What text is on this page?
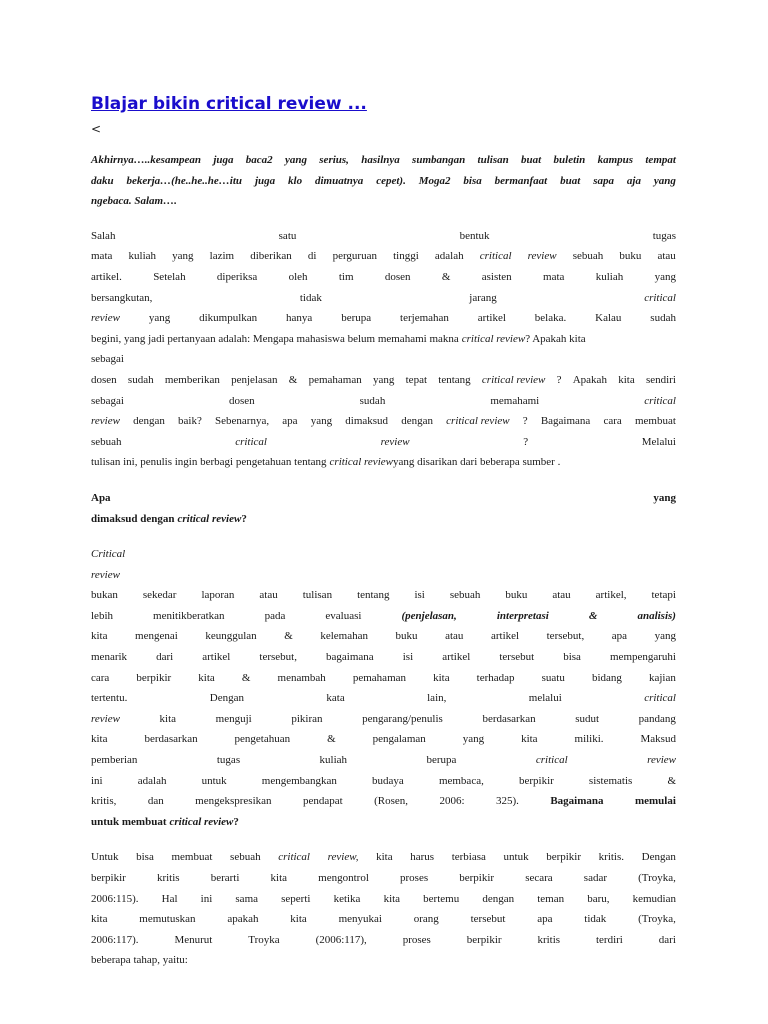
Blajar bikin critical review ...
<
Akhirnya…..kesampean juga baca2 yang serius, hasilnya sumbangan tulisan buat buletin kampus tempat
daku bekerja…(he..he..he…itu juga klo dimuatnya cepet). Moga2 bisa bermanfaat buat sapa aja yang
ngebaca. Salam….
Salah	satu	bentuk	tugas
mata kuliah yang lazim diberikan di perguruan tinggi adalah critical review sebuah buku atau
artikel.	Setelah	diperiksa	oleh	tim	dosen	&	asisten	mata	kuliah	yang
bersangkutan,	tidak	jarang	critical
review	yang	dikumpulkan	hanya	berupa	terjemahan	artikel	belaka.	Kalau	sudah
begini, yang jadi pertanyaan adalah: Mengapa mahasiswa belum memahami makna critical review? Apakah kita
sebagai
dosen sudah memberikan penjelasan & pemahaman yang tepat tentang critical review ? Apakah kita sendiri
sebagai	dosen	sudah	memahami	critical
review dengan baik? Sebenarnya, apa yang dimaksud dengan critical review ? Bagaimana cara membuat
sebuah	critical	review	?	Melalui
tulisan ini, penulis ingin berbagi pengetahuan tentang critical reviewyang disarikan dari beberapa sumber .
Apa	yang
dimaksud dengan critical review?
Critical
review
bukan sekedar laporan atau tulisan tentang isi sebuah buku atau artikel, tetapi
lebih	menitikberatkan	pada	evaluasi	(penjelasan,	interpretasi	&	analisis)
kita	mengenai	keunggulan	&	kelemahan	buku	atau	artikel	tersebut,	apa	yang
menarik	dari	artikel	tersebut,	bagaimana	isi	artikel	tersebut	bisa	mempengaruhi
cara berpikir kita & menambah pemahaman kita terhadap suatu bidang kajian
tertentu.	Dengan	kata	lain,	melalui	critical
review	kita	menguji	pikiran	pengarang/penulis	berdasarkan	sudut	pandang
kita	berdasarkan	pengetahuan	&	pengalaman	yang	kita	miliki.	Maksud
pemberian	tugas	kuliah	berupa	critical	review
ini	adalah	untuk	mengembangkan	budaya	membaca,	berpikir	sistematis	&
kritis,	dan	mengekspresikan	pendapat	(Rosen,	2006:	325).	Bagaimana	memulai
untuk membuat critical review?
Untuk bisa membuat sebuah critical review, kita harus terbiasa untuk berpikir kritis. Dengan
berpikir	kritis	berarti	kita	mengontrol	proses	berpikir	secara	sadar	(Troyka,
2006:115). Hal ini sama seperti ketika kita bertemu dengan teman baru, kemudian
kita	memutuskan	apakah	kita	menyukai	orang	tersebut	apa	tidak	(Troyka,
2006:117).	Menurut	Troyka	(2006:117),	proses	berpikir	kritis	terdiri	dari
beberapa tahap, yaitu:
